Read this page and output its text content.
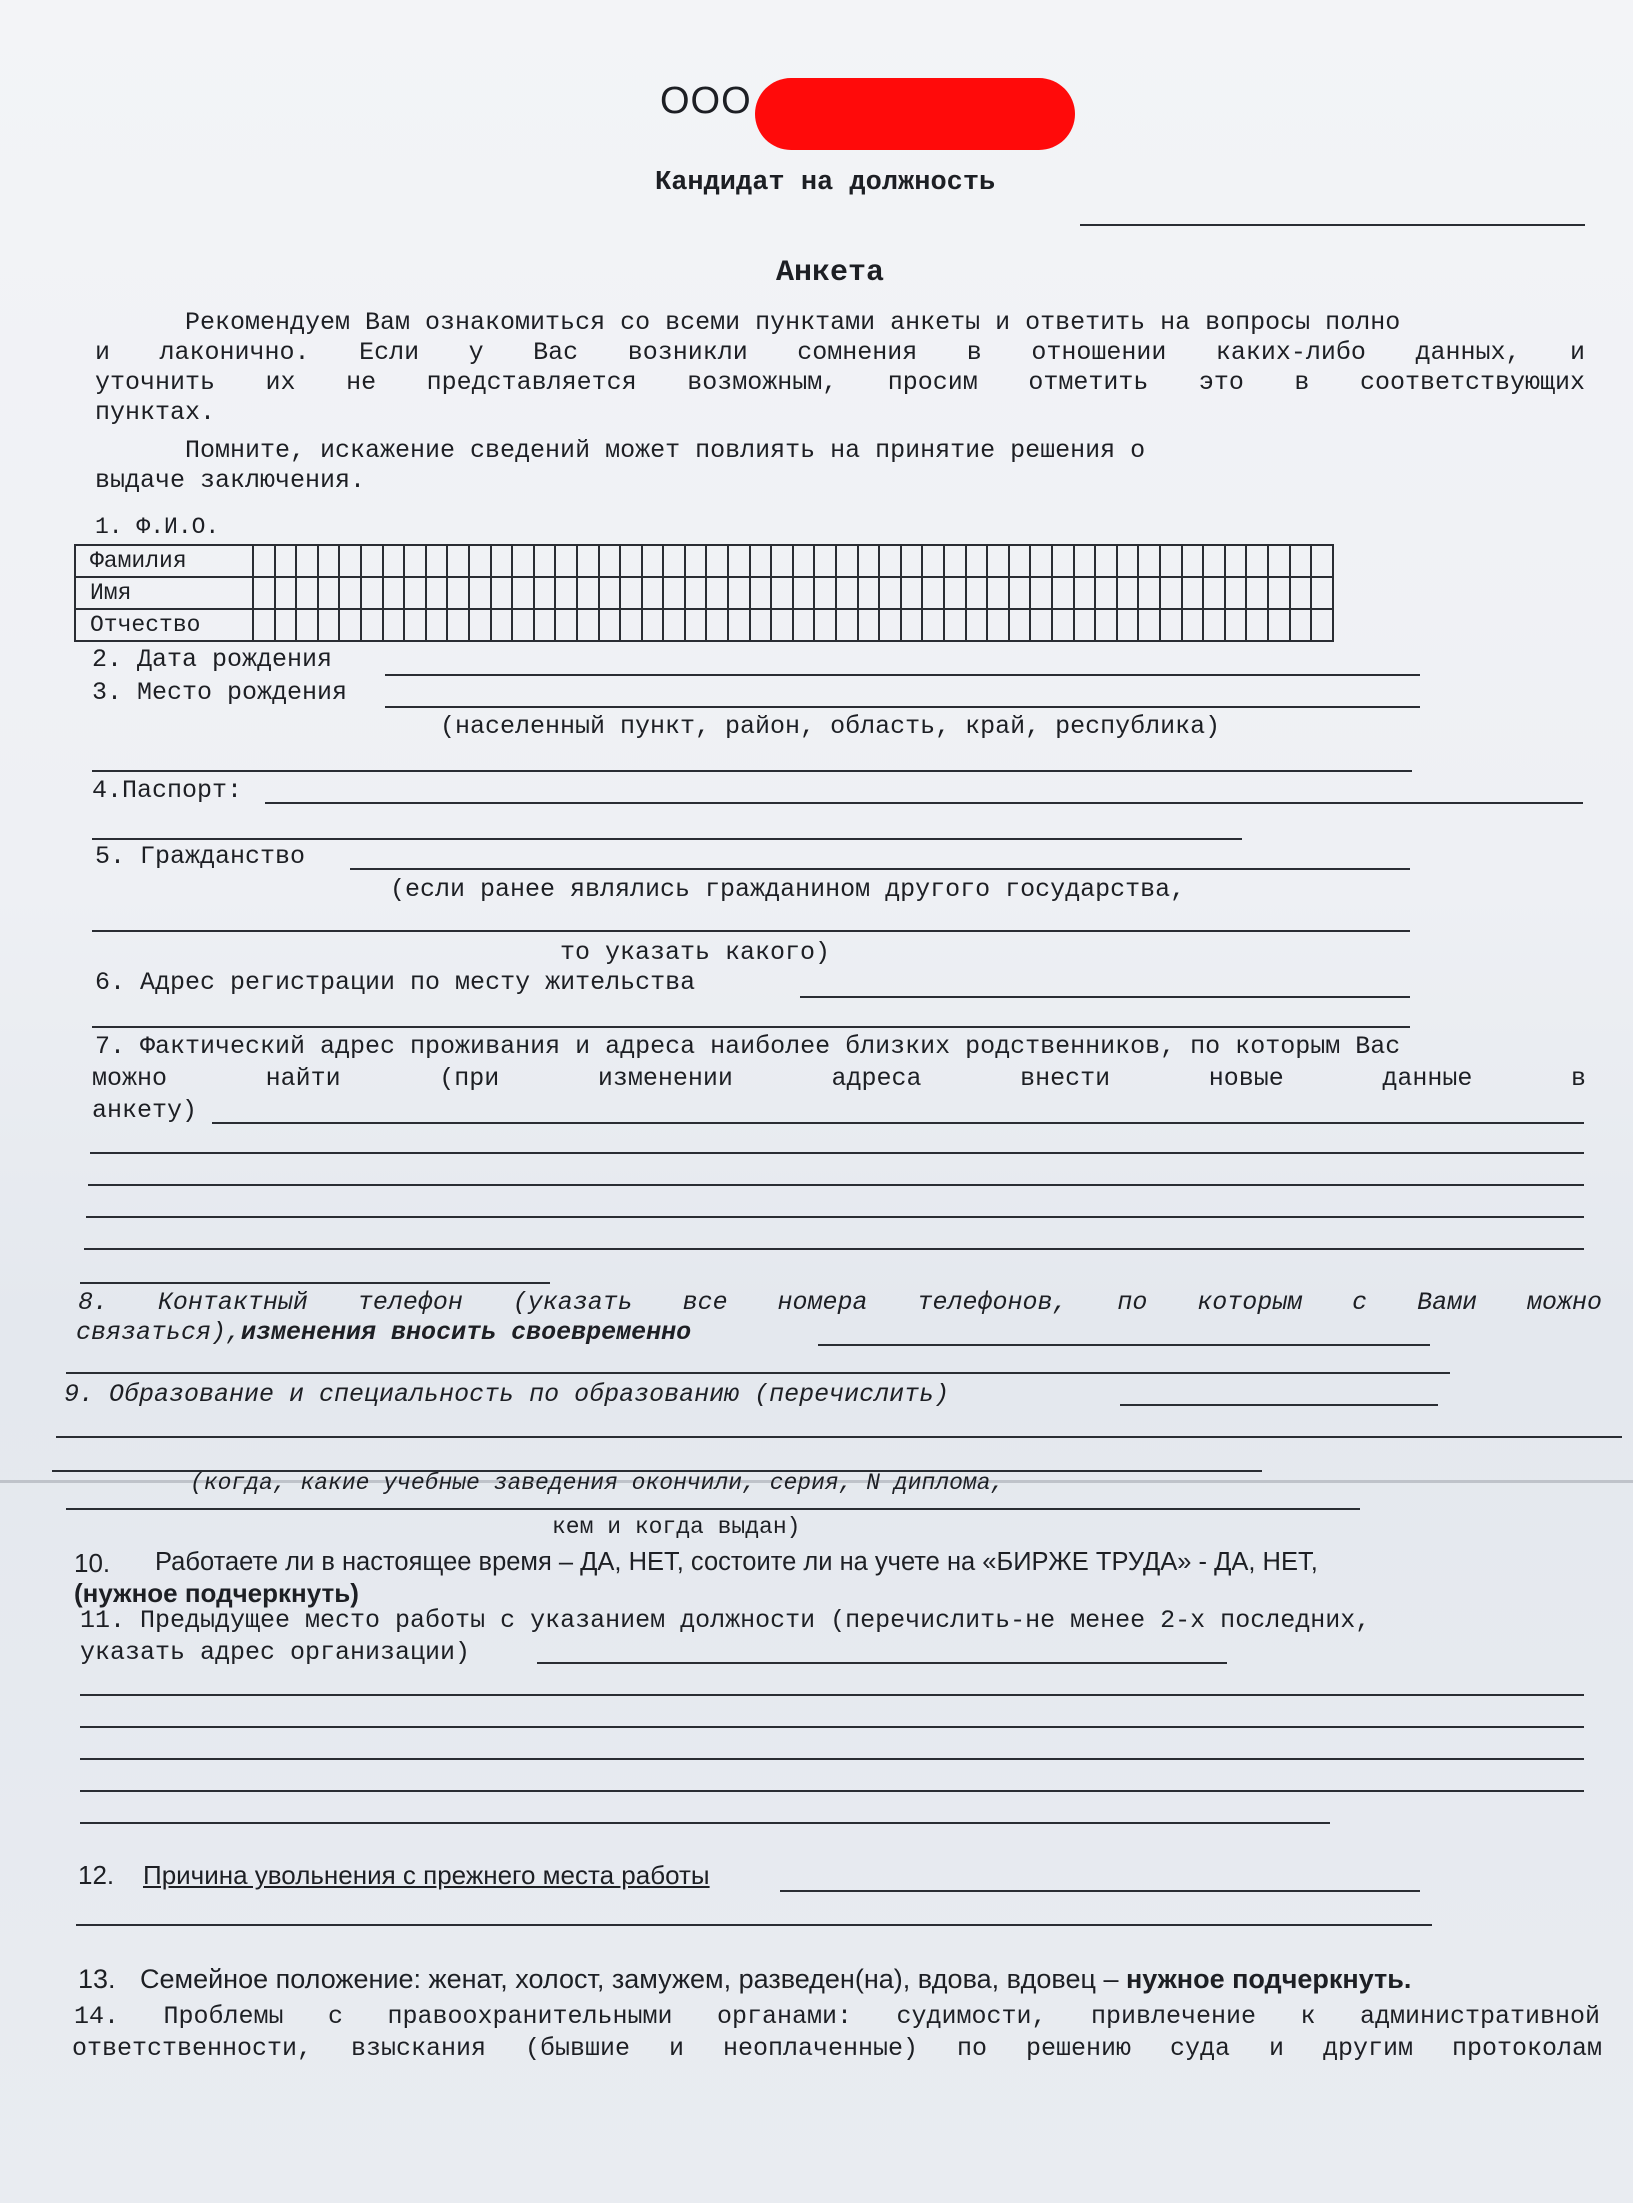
ООО
Кандидат на должность
Анкета
Рекомендуем Вам ознакомиться со всеми пунктами анкеты и ответить на вопросы полно
и лаконично. Если у Вас возникли сомнения в отношении каких-либо данных, и
уточнить их не представляется возможным, просим отметить это в соответствующих
пунктах.
Помните, искажение сведений может повлиять на принятие решения о
выдаче заключения.
1. Ф.И.О.
Фамилия																																																		
Имя																																																		
Отчество																																																		
2. Дата рождения
3. Место рождения
(населенный пункт, район, область, край, республика)
4.Паспорт:
5. Гражданство
(если ранее являлись гражданином другого государства,
то указать какого)
6. Адрес регистрации по месту жительства
7. Фактический адрес проживания и адреса наиболее близких родственников, по которым Вас
можно найти (при изменении адреса внести новые данные в
анкету)
8. Контактный телефон (указать все номера телефонов, по которым с Вами можно
связаться),изменения вносить своевременно
9. Образование и специальность по образованию (перечислить)
(когда, какие учебные заведения окончили, серия, N диплома,
кем и когда выдан)
10. Работаете ли в настоящее время – ДА, НЕТ, состоите ли на учете на «БИРЖЕ ТРУДА» - ДА, НЕТ,
(нужное подчеркнуть)
11. Предыдущее место работы с указанием должности (перечислить-не менее 2-х последних,
указать адрес организации)
12. Причина увольнения с прежнего места работы
13. Семейное положение: женат, холост, замужем, разведен(на), вдова, вдовец – нужное подчеркнуть.
14. Проблемы с правоохранительными органами: судимости, привлечение к административной
ответственности, взыскания (бывшие и неоплаченные) по решению суда и другим протоколам
